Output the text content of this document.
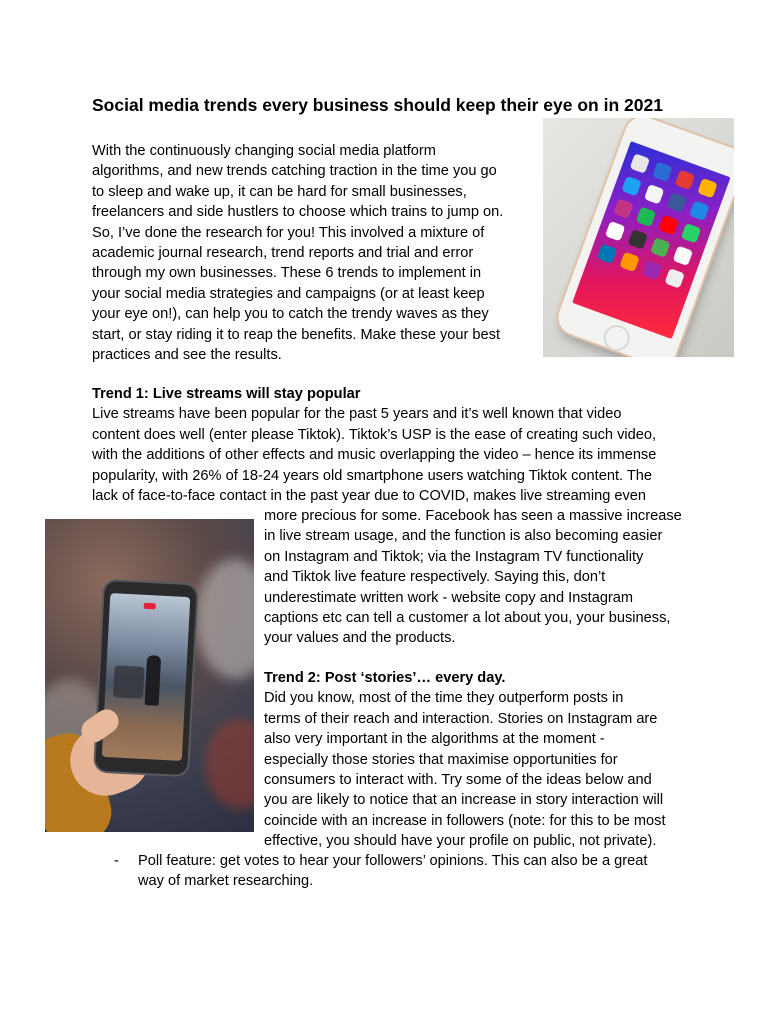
Social media trends every business should keep their eye on in 2021

With the continuously changing social media platform

algorithms, and new trends catching traction in the time you go

to sleep and wake up, it can be hard for small businesses,

freelancers and side hustlers to choose which trains to jump on.

So, I’ve done the research for you! This involved a mixture of

academic journal research, trend reports and trial and error

through my own businesses. These 6 trends to implement in

your social media strategies and campaigns (or at least keep

your eye on!), can help you to catch the trendy waves as they

start, or stay riding it to reap the benefits. Make these your best

practices and see the results.

Trend 1: Live streams will stay popular

Live streams have been popular for the past 5 years and it’s well known that video

content does well (enter please Tiktok). Tiktok’s USP is the ease of creating such video,

with the additions of other effects and music overlapping the video – hence its immense

popularity, with 26% of 18-24 years old smartphone users watching Tiktok content. The

lack of face-to-face contact in the past year due to COVID, makes live streaming even

more precious for some. Facebook has seen a massive increase

in live stream usage, and the function is also becoming easier

on Instagram and Tiktok; via the Instagram TV functionality

and Tiktok live feature respectively. Saying this, don’t

underestimate written work - website copy and Instagram

captions etc can tell a customer a lot about you, your business,

your values and the products.

Trend 2: Post ‘stories’… every day.

Did you know, most of the time they outperform posts in

terms of their reach and interaction. Stories on Instagram are

also very important in the algorithms at the moment -

especially those stories that maximise opportunities for

consumers to interact with. Try some of the ideas below and

you are likely to notice that an increase in story interaction will

coincide with an increase in followers (note: for this to be most

effective, you should have your profile on public, not private).

- Poll feature: get votes to hear your followers’ opinions. This can also be a great

way of market researching.
